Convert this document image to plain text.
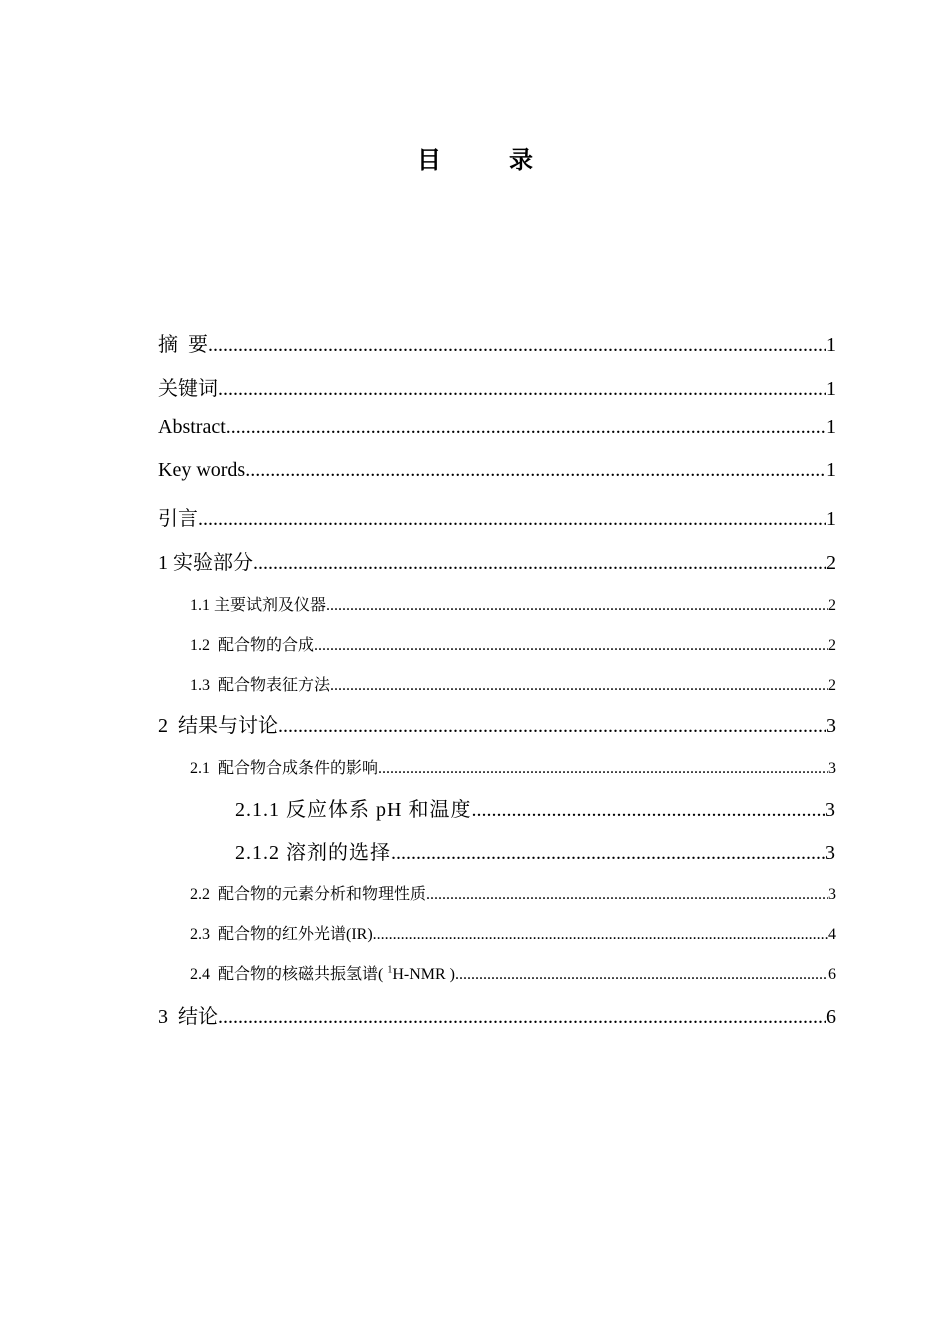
目　录
摘  要 .....	1
关键词 .....	1
Abstract .....	1
Key words .....	1
引言 .....	1
1 实验部分 .....	2
1.1 主要试剂及仪器 .....	2
1.2  配合物的合成 .....	2
1.3  配合物表征方法 .....	2
2  结果与讨论 .....	3
2.1  配合物合成条件的影响 .....	3
2.1.1 反应体系 pH 和温度 .....	3
2.1.2 溶剂的选择 .....	3
2.2  配合物的元素分析和物理性质 .....	3
2.3  配合物的红外光谱(IR) .....	4
2.4  配合物的核磁共振氢谱( $^1$H-NMR ) .....	6
3  结论 .....	6
